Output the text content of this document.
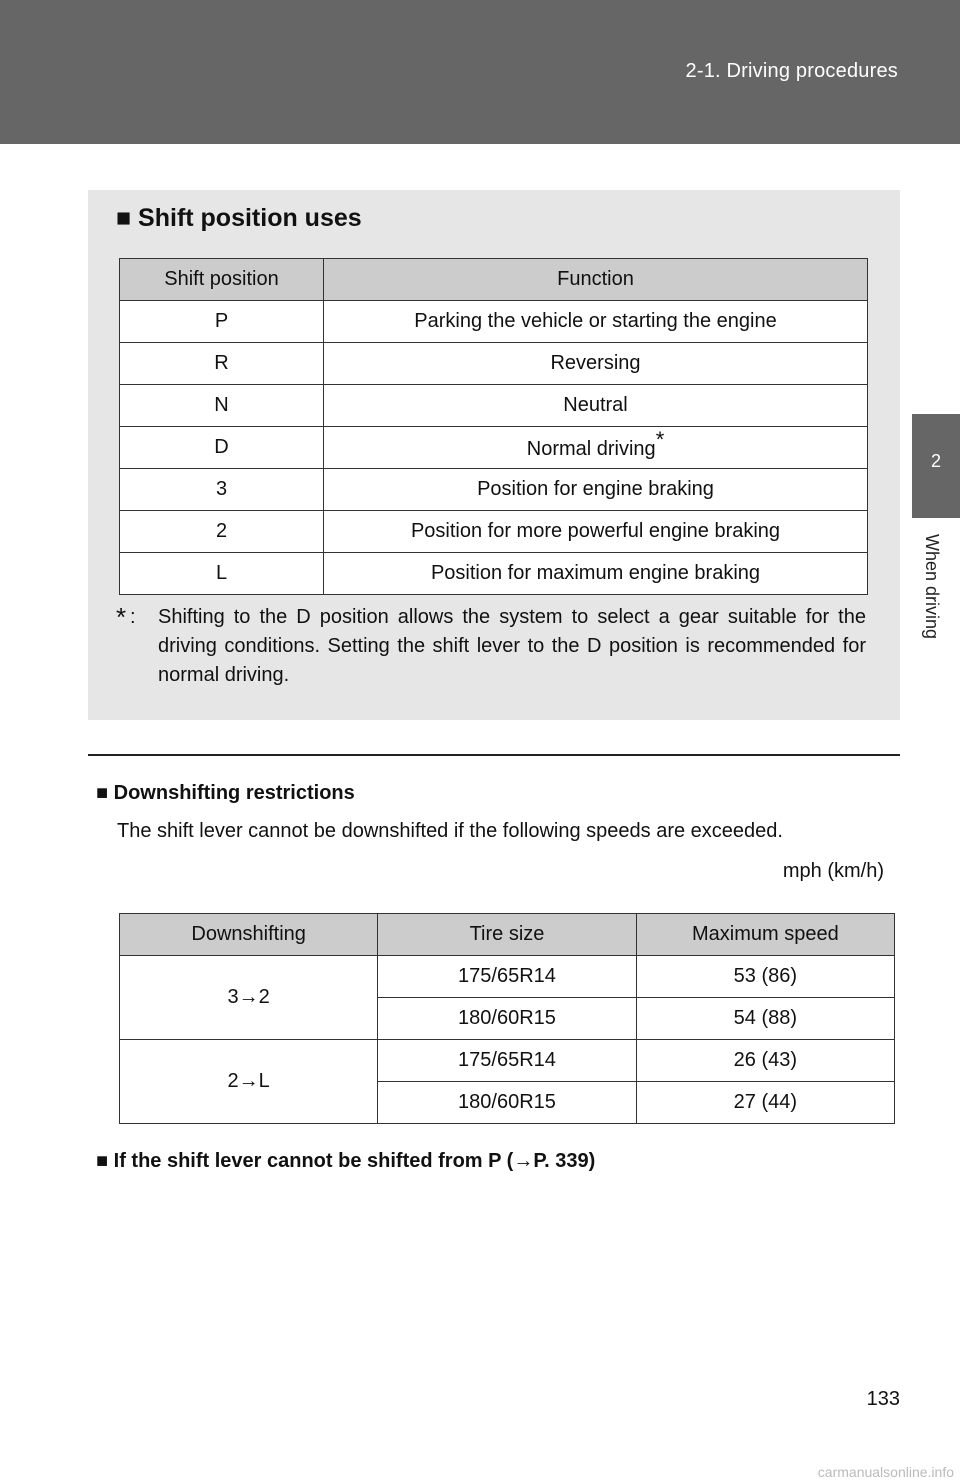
2-1. Driving procedures
2
When driving
■ Shift position uses
Shift position	Function
P	Parking the vehicle or starting the engine
R	Reversing
N	Neutral
D	Normal driving*
3	Position for engine braking
2	Position for more powerful engine braking
L	Position for maximum engine braking
* : Shifting to the D position allows the system to select a gear suitable for the driving conditions. Setting the shift lever to the D position is recommended for normal driving.

■ Downshifting restrictions
The shift lever cannot be downshifted if the following speeds are exceeded.
mph (km/h)
Downshifting	Tire size	Maximum speed
3→2	175/65R14	53 (86)
	180/60R15	54 (88)
2→L	175/65R14	26 (43)
	180/60R15	27 (44)
■ If the shift lever cannot be shifted from P (→P. 339)
133
carmanualsonline.info
